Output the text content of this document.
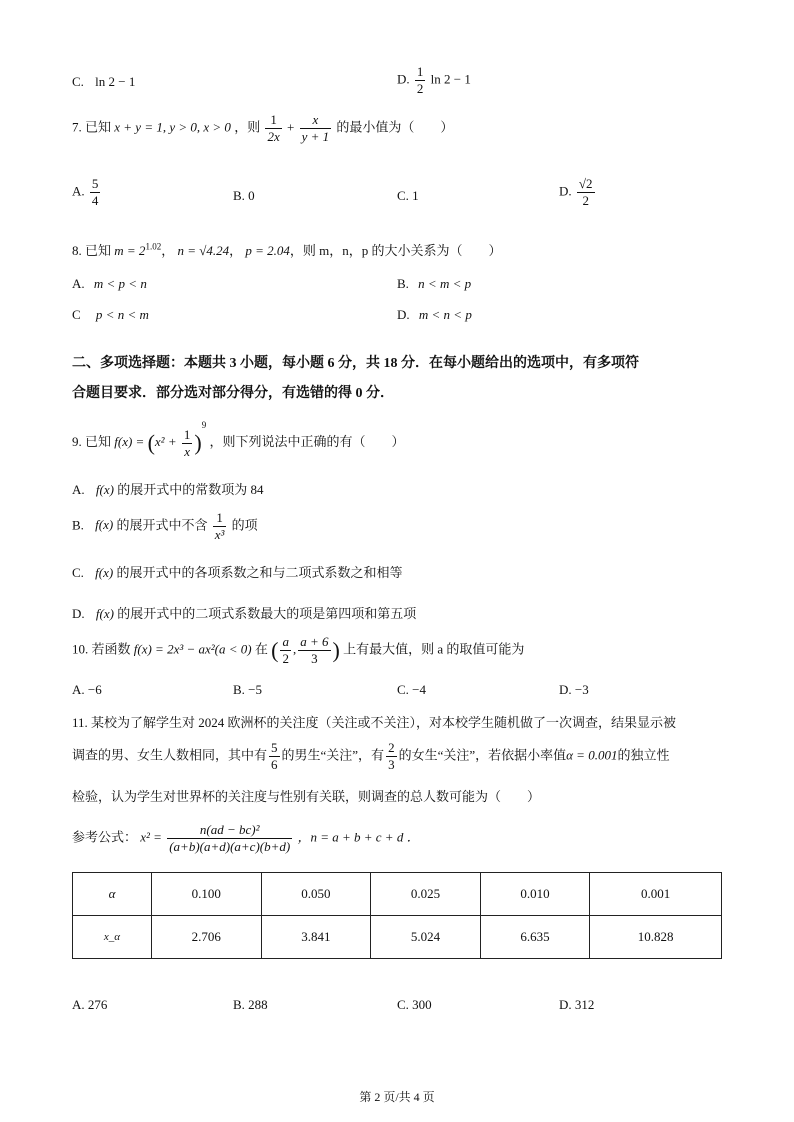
C. ln 2 − 1	D. $\frac{1}{2}$ ln 2 − 1
7. 已知 x + y = 1, y > 0, x > 0 ，则 $\frac{1}{2x} + \frac{x}{y + 1}$ 的最小值为（　　）
A. $\frac{5}{4}$	B. 0	C. 1	D. $\frac{√2}{2}$
8. 已知 $m = 2^{1.02}$， n = √4.24， p = 2.04，则 m，n，p 的大小关系为（　　）
A. m < p < n	B. n < m < p
C p < n < m	D. m < n < p
二、多项选择题：本题共 3 小题，每小题 6 分，共 18 分．在每小题给出的选项中，有多项符
合题目要求．部分选对部分得分，有选错的得 0 分．
9. 已知 $f(x) = (x^2 + \frac{1}{x} )^9$ ，则下列说法中正确的有（　　）
A. f(x) 的展开式中的常数项为 84
B. f(x) 的展开式中不含 $\frac{1}{\text{x³}}$ 的项
C. f(x) 的展开式中的各项系数之和与二项式系数之和相等
D. f(x) 的展开式中的二项式系数最大的项是第四项和第五项
10. 若函数 f(x) = 2x³ − ax²(a < 0) 在 ( $\frac{a}{2}$ , $\frac{a + 6}{3}$ ) 上有最大值，则 a 的取值可能为
A. −6	B. −5	C. −4	D. −3
11. 某校为了解学生对 2024 欧洲杯的关注度（关注或不关注），对本校学生随机做了一次调查，结果显示被
调查的男、女生人数相同，其中有 $\frac{5}{6}$ 的男生“关注”，有 $\frac{2}{3}$ 的女生“关注”，若依据小率值α = 0.001的独立性
检验，认为学生对世界杯的关注度与性别有关联，则调查的总人数可能为（　　）
参考公式： $x^2 = \frac{\text{n(ad − bc)²}}{(a+b)(a+d)(a+c)(b+d)}$ ，n = a + b + c + d ．
α	0.100	0.050	0.025	0.010	0.001
x_α	2.706	3.841	5.024	6.635	10.828
A. 276	B. 288	C. 300	D. 312
第 2 页/共 4 页
